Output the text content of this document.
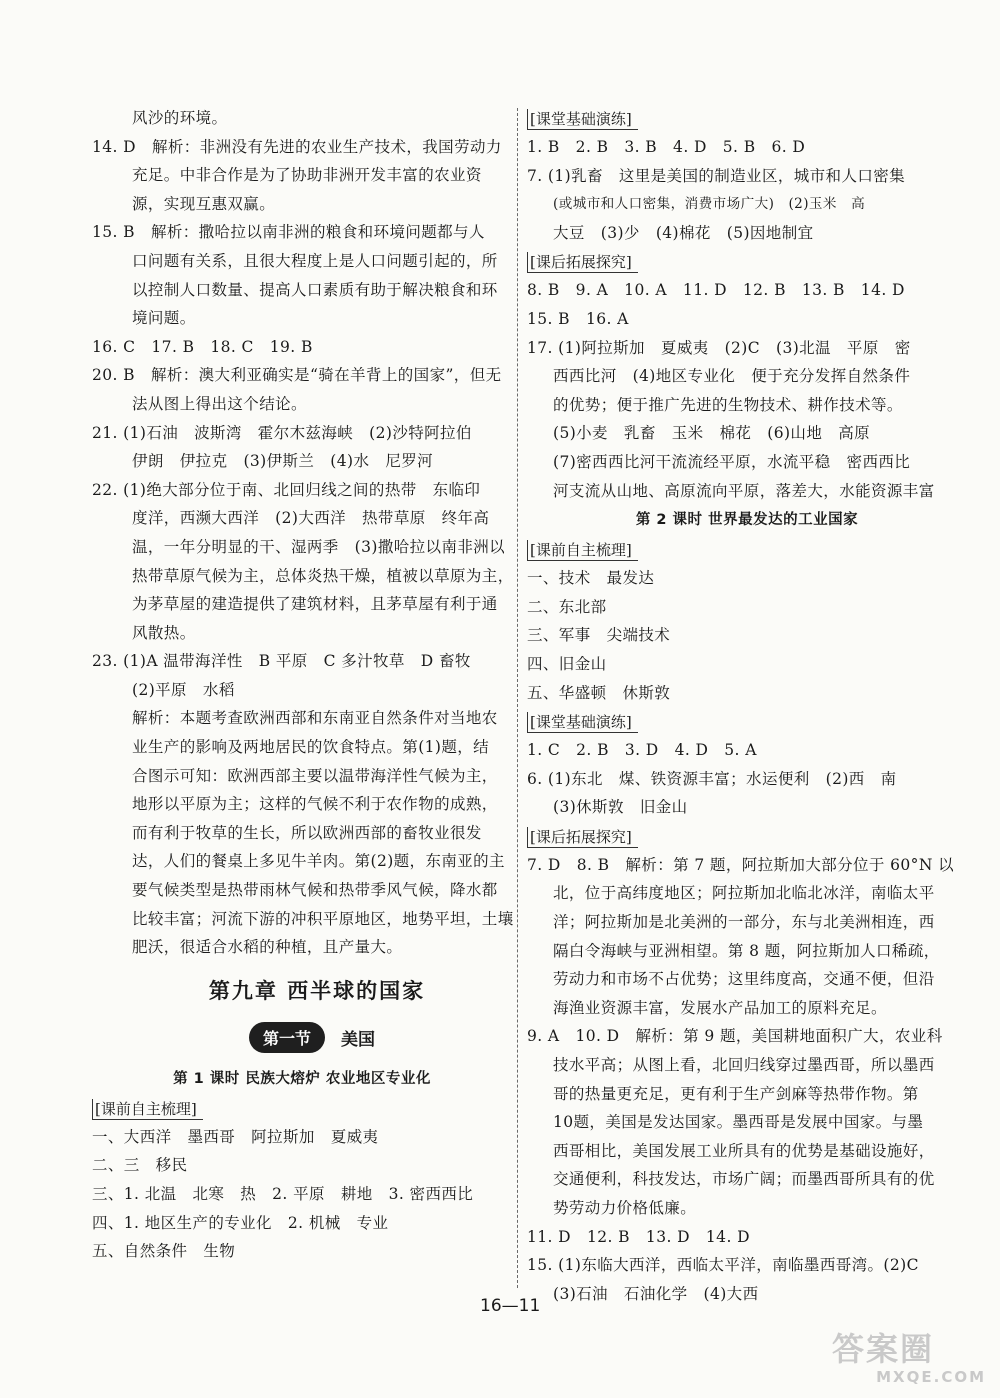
风沙的环境。
14. D   解析：非洲没有先进的农业生产技术，我国劳动力
充足。中非合作是为了协助非洲开发丰富的农业资
源，实现互惠双赢。
15. B   解析：撒哈拉以南非洲的粮食和环境问题都与人
口问题有关系，且很大程度上是人口问题引起的，所
以控制人口数量、提高人口素质有助于解决粮食和环
境问题。
16. C   17. B   18. C   19. B
20. B   解析：澳大利亚确实是“骑在羊背上的国家”，但无
法从图上得出这个结论。
21. (1)石油   波斯湾   霍尔木兹海峡   (2)沙特阿拉伯
伊朗   伊拉克   (3)伊斯兰   (4)水   尼罗河
22. (1)绝大部分位于南、北回归线之间的热带   东临印
度洋，西濒大西洋   (2)大西洋   热带草原   终年高
温，一年分明显的干、湿两季   (3)撒哈拉以南非洲以
热带草原气候为主，总体炎热干燥，植被以草原为主，
为茅草屋的建造提供了建筑材料，且茅草屋有利于通
风散热。
23. (1)A 温带海洋性   B 平原   C 多汁牧草   D 畜牧
(2)平原   水稻
解析：本题考查欧洲西部和东南亚自然条件对当地农
业生产的影响及两地居民的饮食特点。第(1)题，结
合图示可知：欧洲西部主要以温带海洋性气候为主，
地形以平原为主；这样的气候不利于农作物的成熟，
而有利于牧草的生长，所以欧洲西部的畜牧业很发
达，人们的餐桌上多见牛羊肉。第(2)题，东南亚的主
要气候类型是热带雨林气候和热带季风气候，降水都
比较丰富；河流下游的冲积平原地区，地势平坦，土壤
肥沃，很适合水稻的种植，且产量大。
第九章 西半球的国家
第一节 美国
第 1 课时 民族大熔炉 农业地区专业化
[课前自主梳理]
一、大西洋   墨西哥   阿拉斯加   夏威夷
二、三   移民
三、1. 北温   北寒   热   2. 平原   耕地   3. 密西西比
四、1. 地区生产的专业化   2. 机械   专业
五、自然条件   生物
[课堂基础演练]
1. B   2. B   3. B   4. D   5. B   6. D
7. (1)乳畜   这里是美国的制造业区，城市和人口密集
(或城市和人口密集，消费市场广大)   (2)玉米   高
大豆   (3)少   (4)棉花   (5)因地制宜
[课后拓展探究]
8. B   9. A   10. A   11. D   12. B   13. B   14. D
15. B   16. A
17. (1)阿拉斯加   夏威夷   (2)C   (3)北温   平原   密
西西比河   (4)地区专业化   便于充分发挥自然条件
的优势；便于推广先进的生物技术、耕作技术等。
(5)小麦   乳畜   玉米   棉花   (6)山地   高原
(7)密西西比河干流流经平原，水流平稳   密西西比
河支流从山地、高原流向平原，落差大，水能资源丰富
第 2 课时 世界最发达的工业国家
[课前自主梳理]
一、技术   最发达
二、东北部
三、军事   尖端技术
四、旧金山
五、华盛顿   休斯敦
[课堂基础演练]
1. C   2. B   3. D   4. D   5. A
6. (1)东北   煤、铁资源丰富；水运便利   (2)西   南
(3)休斯敦   旧金山
[课后拓展探究]
7. D   8. B   解析：第 7 题，阿拉斯加大部分位于 60°N 以
北，位于高纬度地区；阿拉斯加北临北冰洋，南临太平
洋；阿拉斯加是北美洲的一部分，东与北美洲相连，西
隔白令海峡与亚洲相望。第 8 题，阿拉斯加人口稀疏，
劳动力和市场不占优势；这里纬度高，交通不便，但沿
海渔业资源丰富，发展水产品加工的原料充足。
9. A   10. D   解析：第 9 题，美国耕地面积广大，农业科
技水平高；从图上看，北回归线穿过墨西哥，所以墨西
哥的热量更充足，更有利于生产剑麻等热带作物。第
10题，美国是发达国家。墨西哥是发展中国家。与墨
西哥相比，美国发展工业所具有的优势是基础设施好，
交通便利，科技发达，市场广阔；而墨西哥所具有的优
势劳动力价格低廉。
11. D   12. B   13. D   14. D
15. (1)东临大西洋，西临太平洋，南临墨西哥湾。(2)C
(3)石油   石油化学   (4)大西
16—11
答案圈
MXQE.COM
